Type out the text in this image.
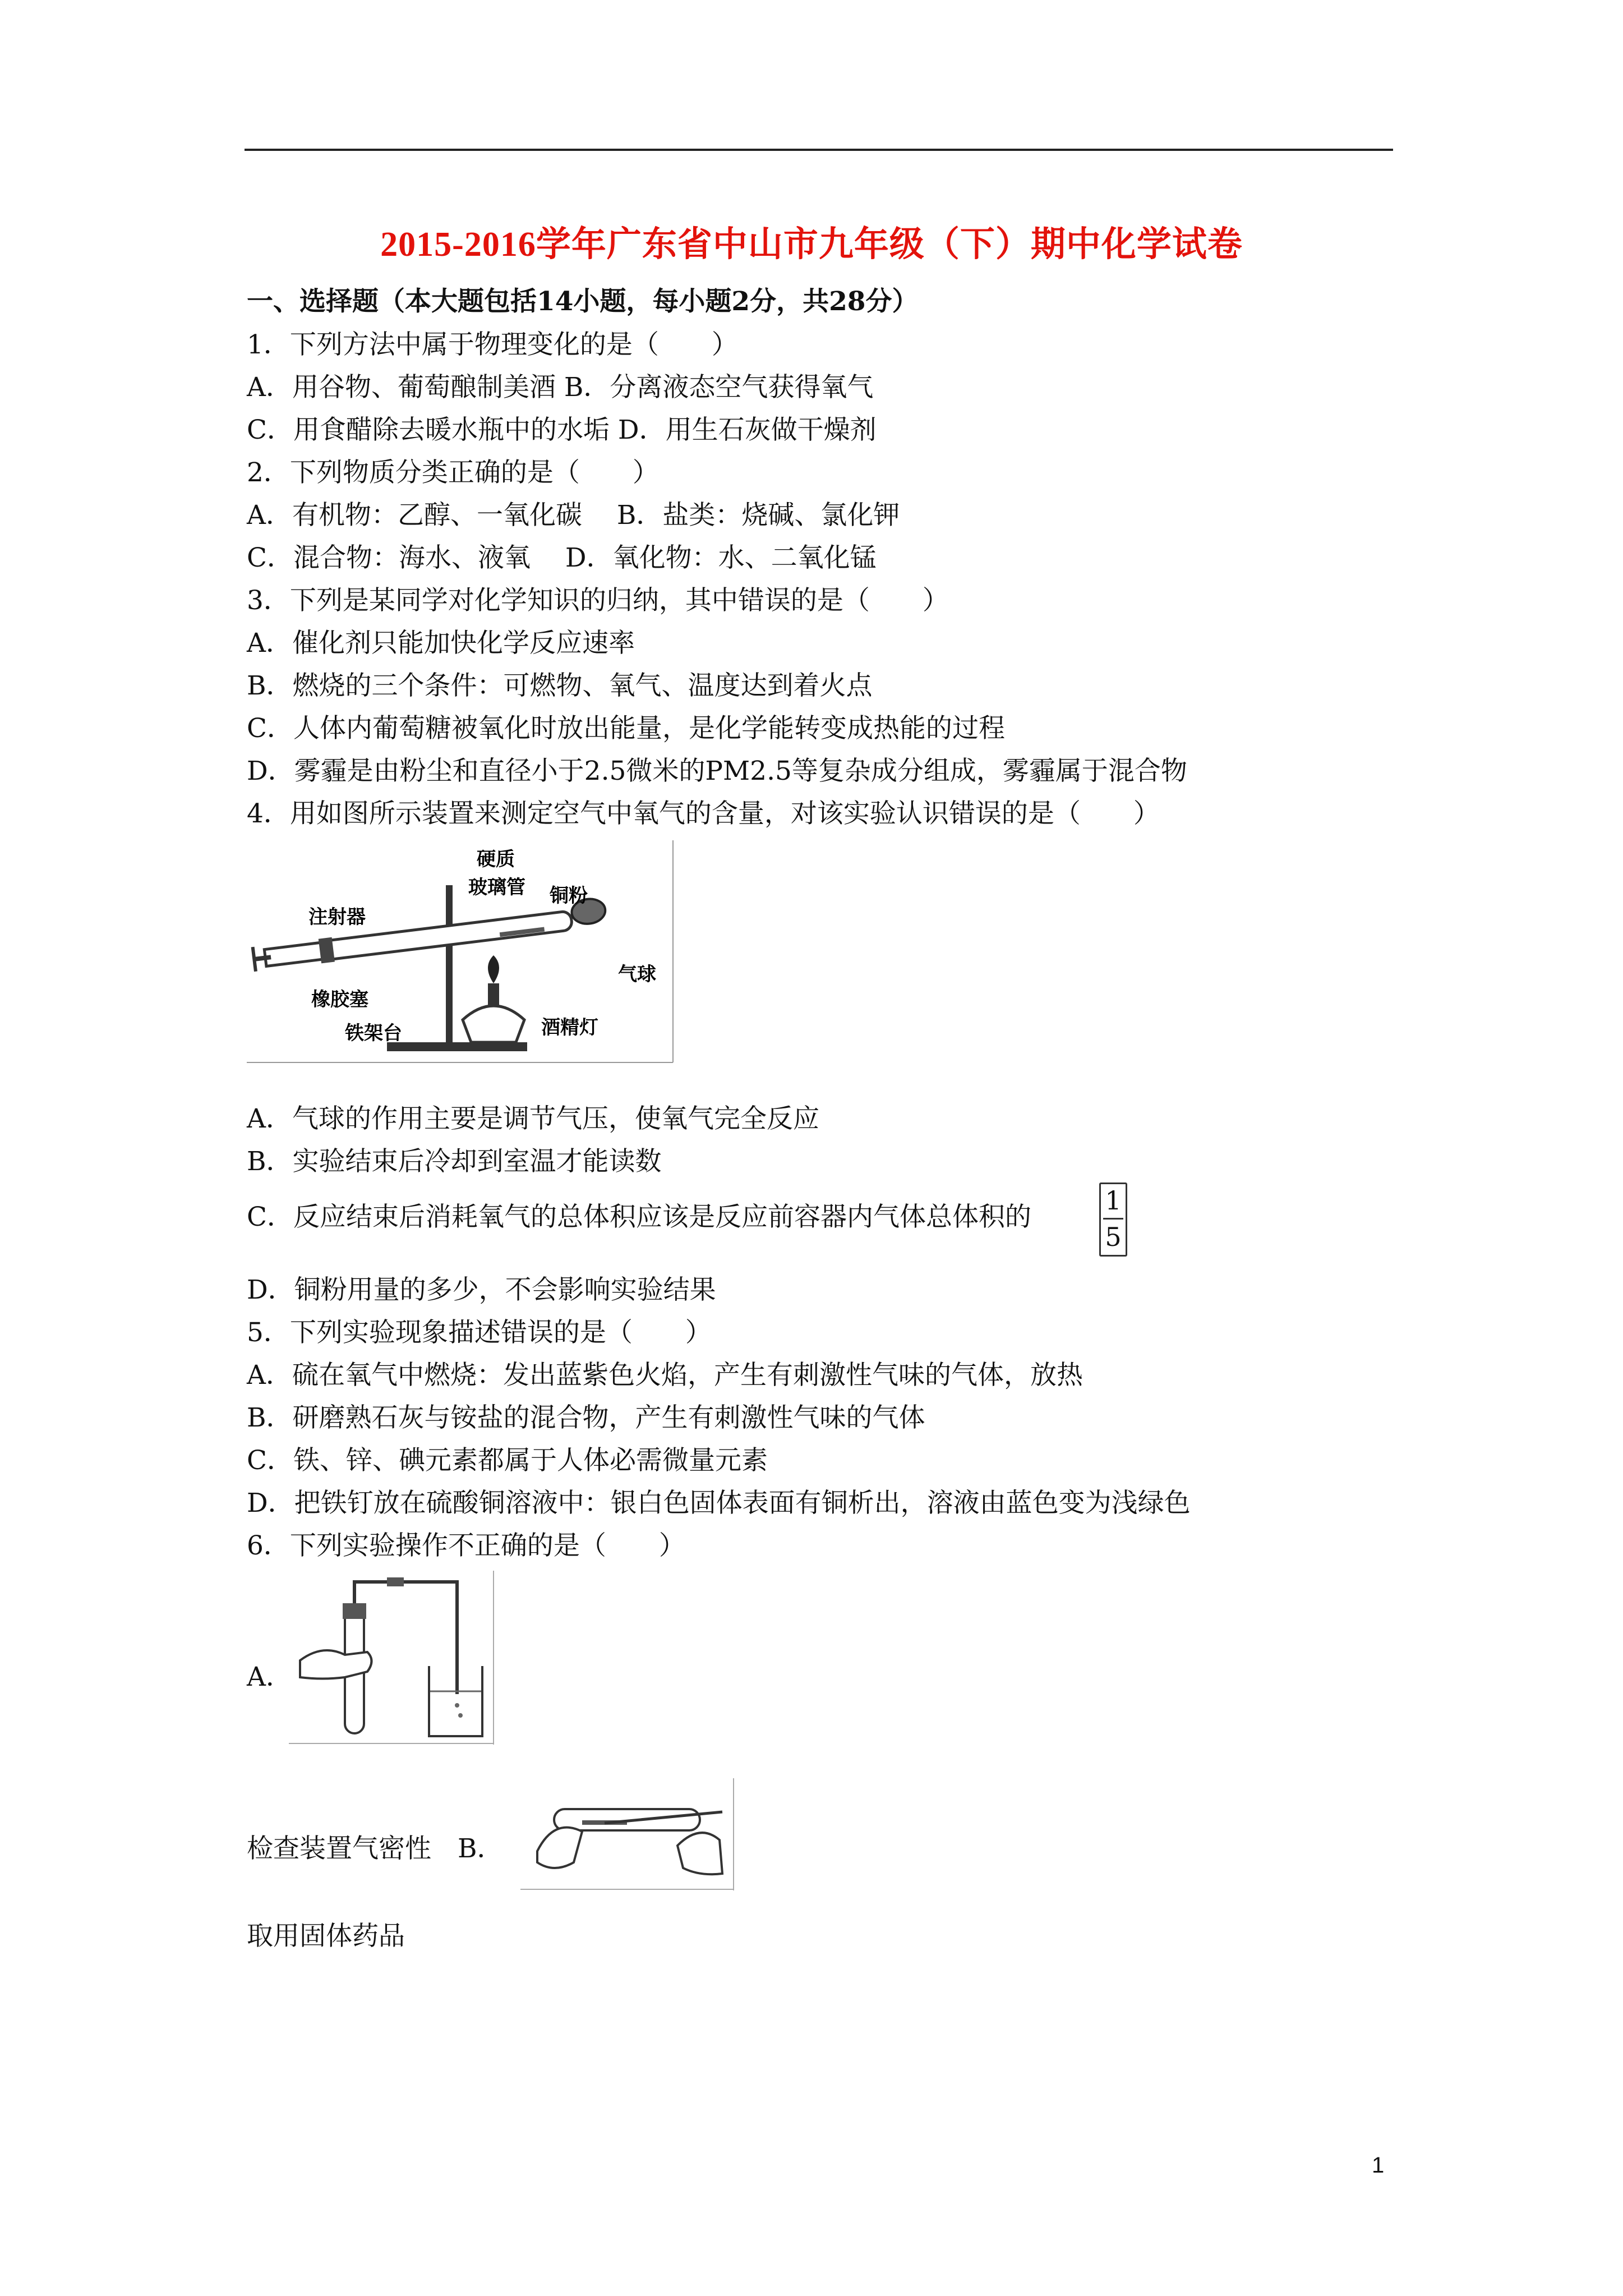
2015-2016学年广东省中山市九年级（下）期中化学试卷
一、选择题（本大题包括14小题，每小题2分，共28分）
1．下列方法中属于物理变化的是（　　）
A．用谷物、葡萄酿制美酒 B．分离液态空气获得氧气
C．用食醋除去暖水瓶中的水垢 D．用生石灰做干燥剂
2．下列物质分类正确的是（　　）
A．有机物：乙醇、一氧化碳　 B．盐类：烧碱、氯化钾
C．混合物：海水、液氧　 D．氧化物：水、二氧化锰
3．下列是某同学对化学知识的归纳，其中错误的是（　　）
A．催化剂只能加快化学反应速率
B．燃烧的三个条件：可燃物、氧气、温度达到着火点
C．人体内葡萄糖被氧化时放出能量，是化学能转变成热能的过程
D．雾霾是由粉尘和直径小于2.5微米的PM2.5等复杂成分组成，雾霾属于混合物
4．用如图所示装置来测定空气中氧气的含量，对该实验认识错误的是（　　）
硬质
玻璃管 铜粉
注射器
气球
橡胶塞
铁架台	酒精灯
A．气球的作用主要是调节气压，使氧气完全反应
B．实验结束后冷却到室温才能读数
C．反应结束后消耗氧气的总体积应该是反应前容器内气体总体积的
1
5
D．铜粉用量的多少，不会影响实验结果
5．下列实验现象描述错误的是（　　）
A．硫在氧气中燃烧：发出蓝紫色火焰，产生有刺激性气味的气体，放热
B．研磨熟石灰与铵盐的混合物，产生有刺激性气味的气体
C．铁、锌、碘元素都属于人体必需微量元素
D．把铁钉放在硫酸铜溶液中：银白色固体表面有铜析出，溶液由蓝色变为浅绿色
6．下列实验操作不正确的是（　　）
A．
检查装置气密性　B．
取用固体药品
1
